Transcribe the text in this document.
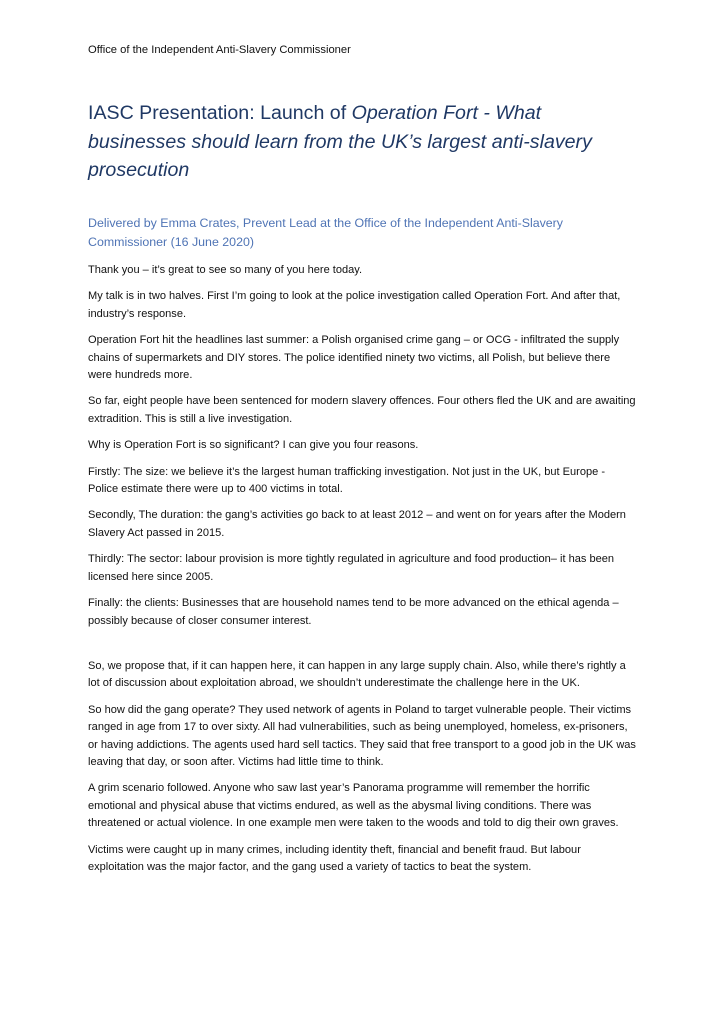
Office of the Independent Anti-Slavery Commissioner
IASC Presentation: Launch of Operation Fort - What businesses should learn from the UK’s largest anti-slavery prosecution

Delivered by Emma Crates, Prevent Lead at the Office of the Independent Anti-Slavery Commissioner (16 June 2020)

Thank you – it’s great to see so many of you here today.

My talk is in two halves. First I’m going to look at the police investigation called Operation Fort. And after that, industry’s response.

Operation Fort hit the headlines last summer: a Polish organised crime gang – or OCG - infiltrated the supply chains of supermarkets and DIY stores. The police identified ninety two victims, all Polish, but believe there were hundreds more.

So far, eight people have been sentenced for modern slavery offences. Four others fled the UK and are awaiting extradition. This is still a live investigation.

Why is Operation Fort is so significant? I can give you four reasons.

Firstly: The size: we believe it’s the largest human trafficking investigation. Not just in the UK, but Europe - Police estimate there were up to 400 victims in total.

Secondly, The duration: the gang’s activities go back to at least 2012 – and went on for years after the Modern Slavery Act passed in 2015.

Thirdly: The sector: labour provision is more tightly regulated in agriculture and food production– it has been licensed here since 2005.

Finally: the clients: Businesses that are household names tend to be more advanced on the ethical agenda –possibly because of closer consumer interest.

So, we propose that, if it can happen here, it can happen in any large supply chain. Also, while there’s rightly a lot of discussion about exploitation abroad, we shouldn’t underestimate the challenge here in the UK.

So how did the gang operate? They used network of agents in Poland to target vulnerable people. Their victims ranged in age from 17 to over sixty. All had vulnerabilities, such as being unemployed, homeless, ex-prisoners, or having addictions. The agents used hard sell tactics. They said that free transport to a good job in the UK was leaving that day, or soon after. Victims had little time to think.

A grim scenario followed. Anyone who saw last year’s Panorama programme will remember the horrific emotional and physical abuse that victims endured, as well as the abysmal living conditions. There was threatened or actual violence. In one example men were taken to the woods and told to dig their own graves.

Victims were caught up in many crimes, including identity theft, financial and benefit fraud. But labour exploitation was the major factor, and the gang used a variety of tactics to beat the system.
